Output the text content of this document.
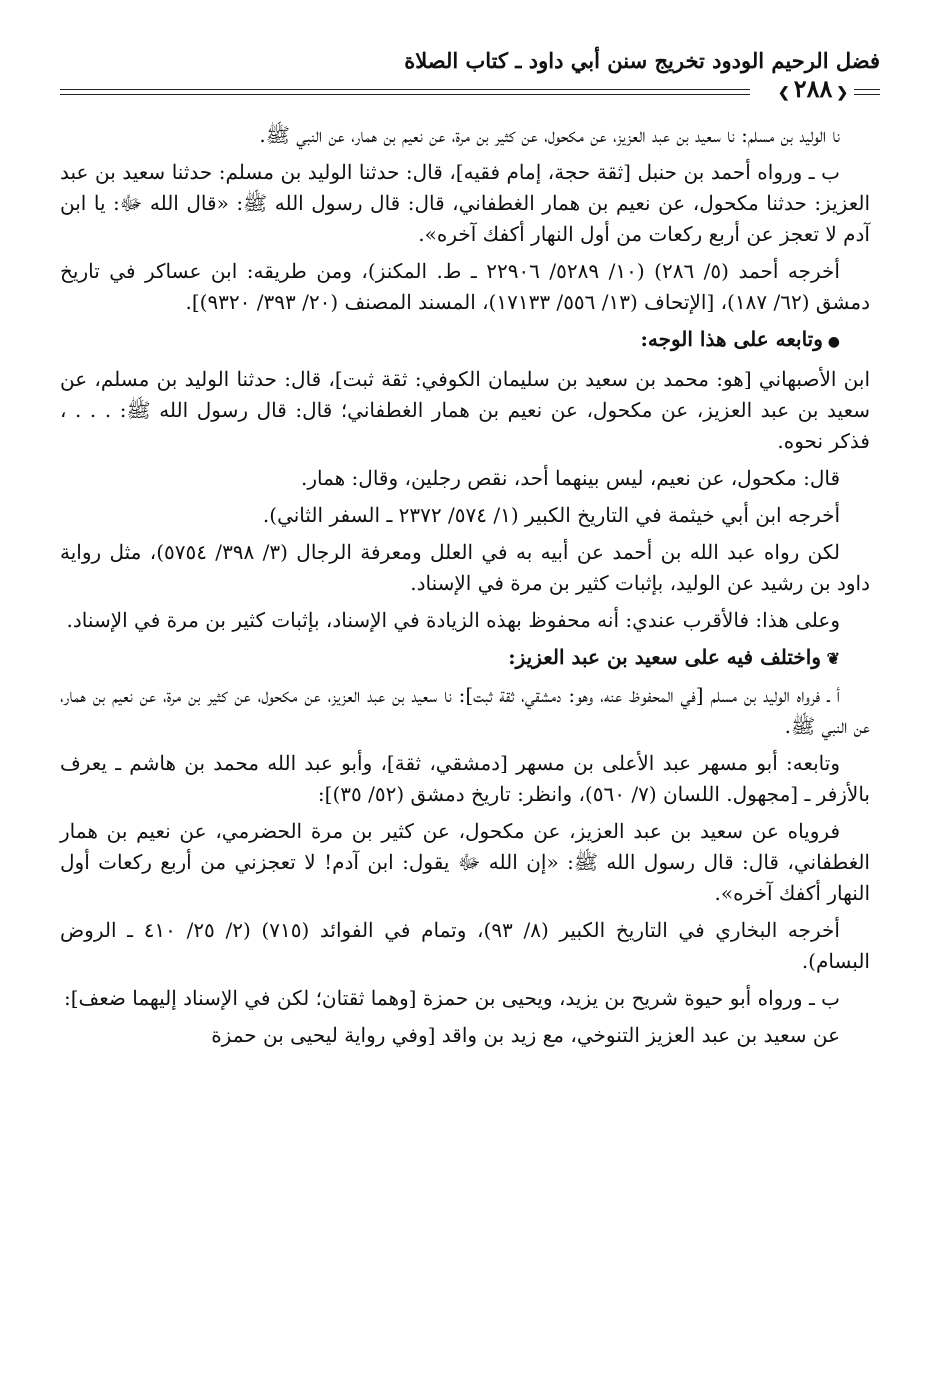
فضل الرحيم الودود تخريج سنن أبي داود ـ كتاب الصلاة
❮ ٢٨٨ ❯

نا الوليد بن مسلم: نا سعيد بن عبد العزيز، عن مكحول، عن كثير بن مرة، عن نعيم بن همار، عن النبي ﷺ.

ب ـ ورواه أحمد بن حنبل [ثقة حجة، إمام فقيه]، قال: حدثنا الوليد بن مسلم: حدثنا سعيد بن عبد العزيز: حدثنا مكحول، عن نعيم بن همار الغطفاني، قال: قال رسول الله ﷺ: «قال الله ﷻ: يا ابن آدم لا تعجز عن أربع ركعات من أول النهار أكفك آخره».

أخرجه أحمد (٥/ ٢٨٦) (١٠/ ٥٢٨٩/ ٢٢٩٠٦ ـ ط. المكنز)، ومن طريقه: ابن عساكر في تاريخ دمشق (٦٢/ ١٨٧)، [الإتحاف (١٣/ ٥٥٦/ ١٧١٣٣)، المسند المصنف (٢٠/ ٣٩٣/ ٩٣٢٠)].

● وتابعه على هذا الوجه:

ابن الأصبهاني [هو: محمد بن سعيد بن سليمان الكوفي: ثقة ثبت]، قال: حدثنا الوليد بن مسلم، عن سعيد بن عبد العزيز، عن مكحول، عن نعيم بن همار الغطفاني؛ قال: قال رسول الله ﷺ: . . . ، فذكر نحوه.

قال: مكحول، عن نعيم، ليس بينهما أحد، نقص رجلين، وقال: همار.

أخرجه ابن أبي خيثمة في التاريخ الكبير (١/ ٥٧٤/ ٢٣٧٢ ـ السفر الثاني).

لكن رواه عبد الله بن أحمد عن أبيه به في العلل ومعرفة الرجال (٣/ ٣٩٨/ ٥٧٥٤)، مثل رواية داود بن رشيد عن الوليد، بإثبات كثير بن مرة في الإسناد.

وعلى هذا: فالأقرب عندي: أنه محفوظ بهذه الزيادة في الإسناد، بإثبات كثير بن مرة في الإسناد.

❦ واختلف فيه على سعيد بن عبد العزيز:

أ ـ فرواه الوليد بن مسلم [في المحفوظ عنه، وهو: دمشقي، ثقة ثبت]: نا سعيد بن عبد العزيز، عن مكحول، عن كثير بن مرة، عن نعيم بن همار، عن النبي ﷺ.

وتابعه: أبو مسهر عبد الأعلى بن مسهر [دمشقي، ثقة]، وأبو عبد الله محمد بن هاشم ـ يعرف بالأزفر ـ [مجهول. اللسان (٧/ ٥٦٠)، وانظر: تاريخ دمشق (٥٢/ ٣٥)]:

فروياه عن سعيد بن عبد العزيز، عن مكحول، عن كثير بن مرة الحضرمي، عن نعيم بن همار الغطفاني، قال: قال رسول الله ﷺ: «إن الله ﷻ يقول: ابن آدم! لا تعجزني من أربع ركعات أول النهار أكفك آخره».

أخرجه البخاري في التاريخ الكبير (٨/ ٩٣)، وتمام في الفوائد (٧١٥) (٢/ ٢٥/ ٤١٠ ـ الروض البسام).

ب ـ ورواه أبو حيوة شريح بن يزيد، ويحيى بن حمزة [وهما ثقتان؛ لكن في الإسناد إليهما ضعف]:

عن سعيد بن عبد العزيز التنوخي، مع زيد بن واقد [وفي رواية ليحيى بن حمزة
